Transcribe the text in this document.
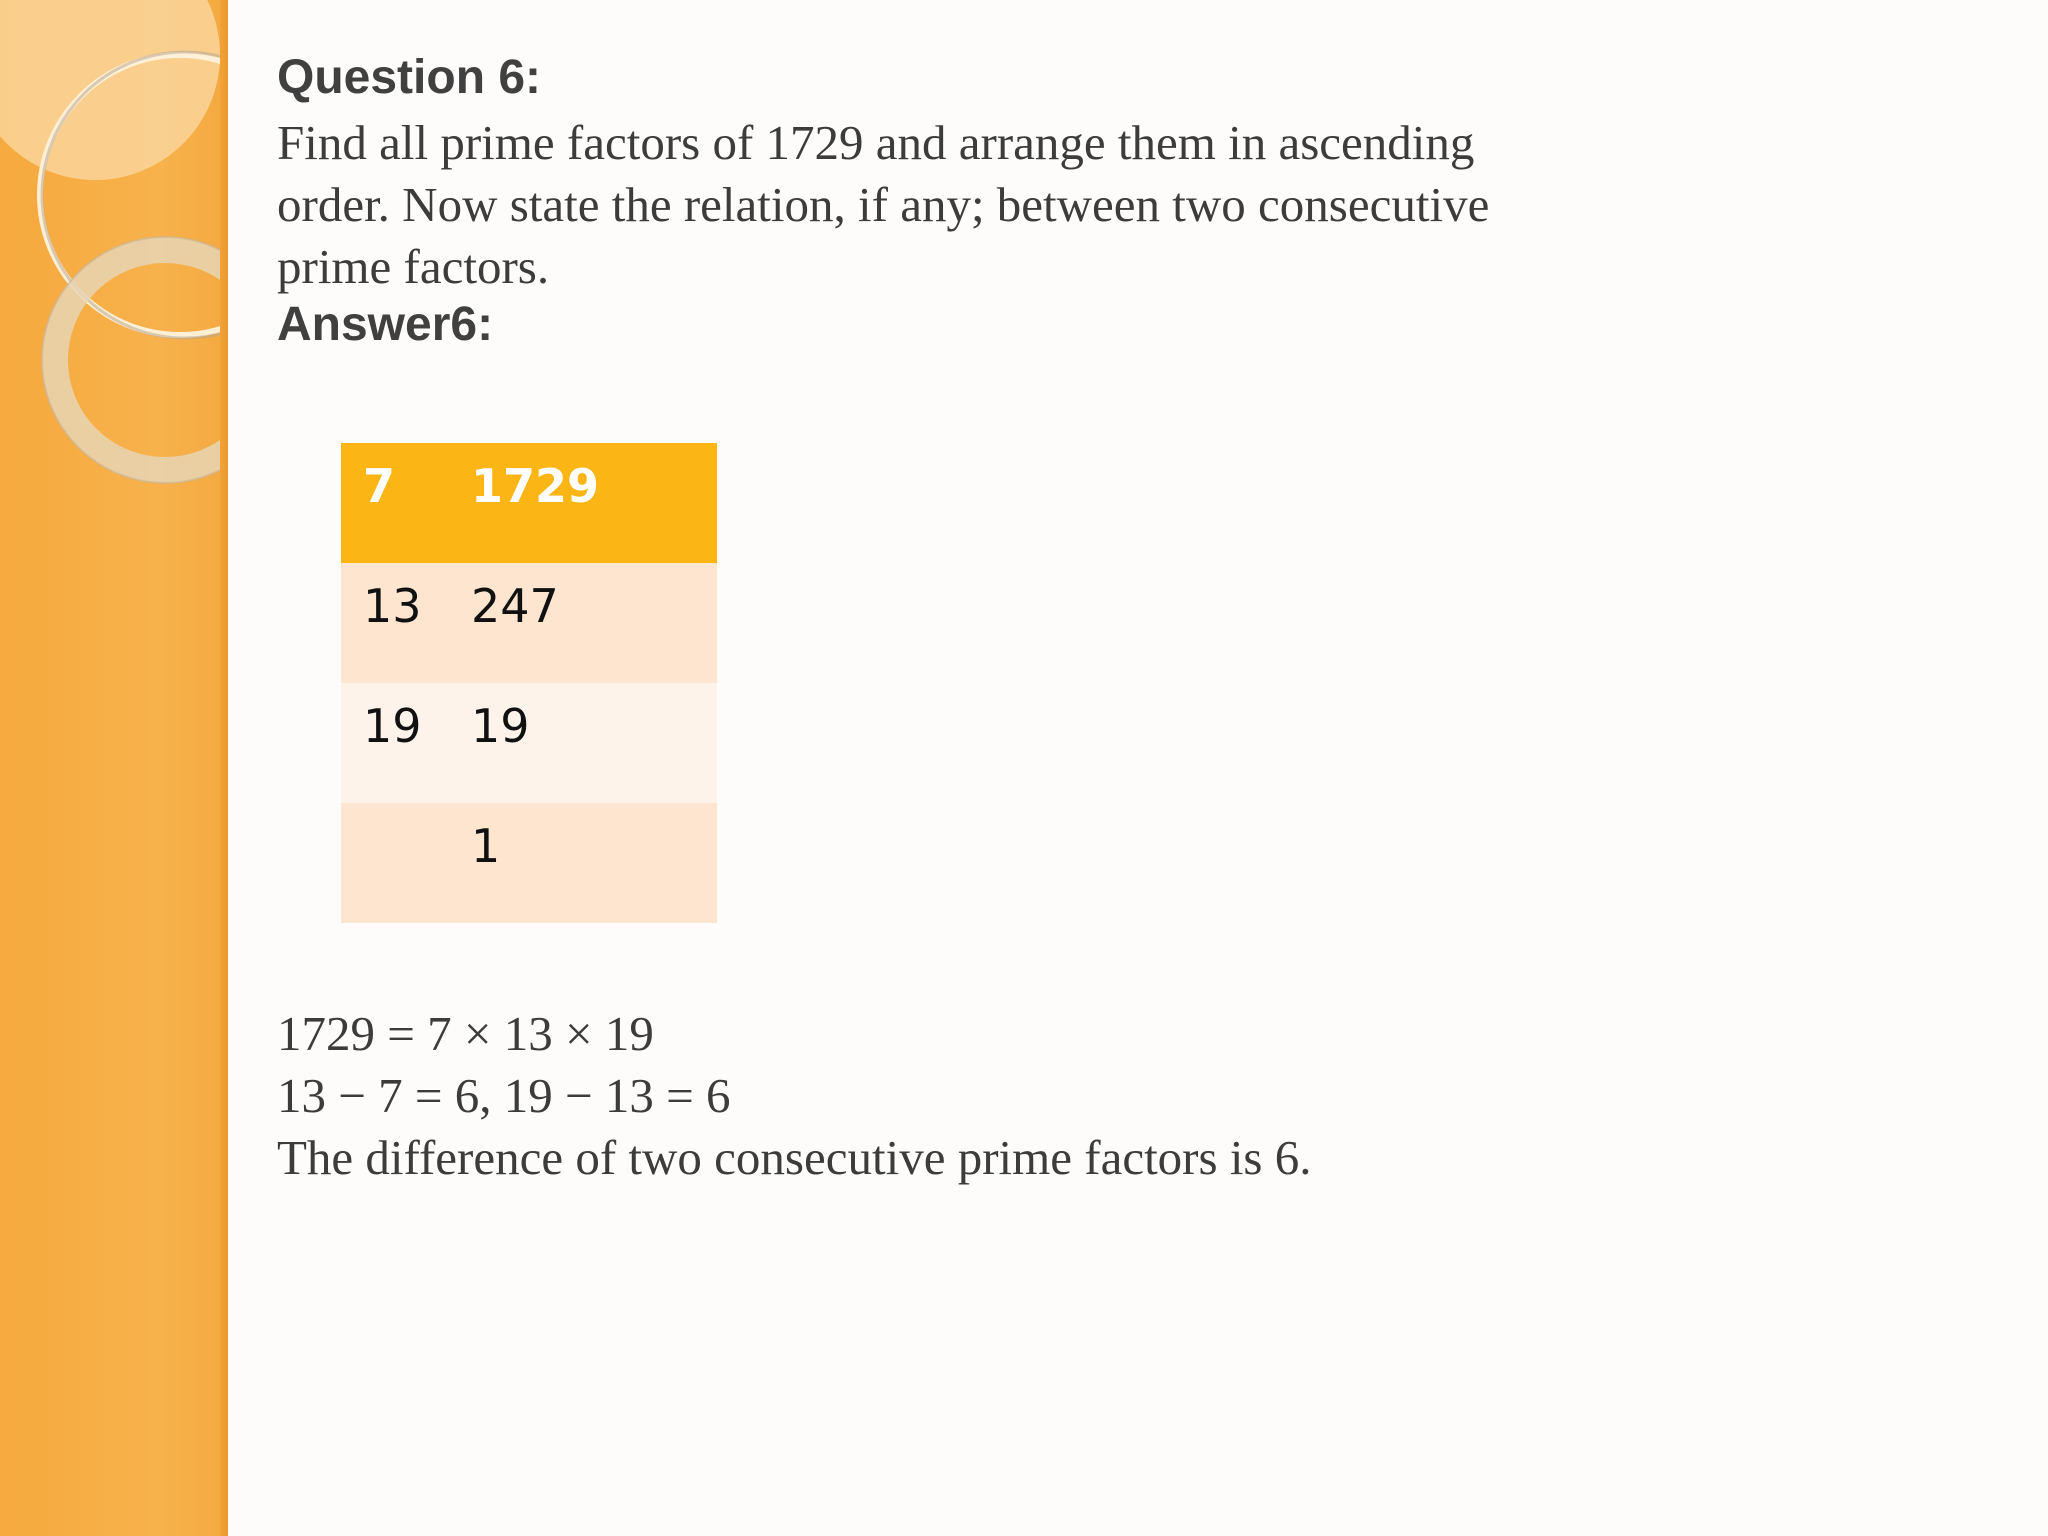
Question 6:

Find all prime factors of 1729 and arrange them in ascending
order. Now state the relation, if any; between two consecutive
prime factors.

Answer6:
7	1729
13	247
19	19
	1

1729 = 7 × 13 × 19
13 − 7 = 6, 19 − 13 = 6
The difference of two consecutive prime factors is 6.
